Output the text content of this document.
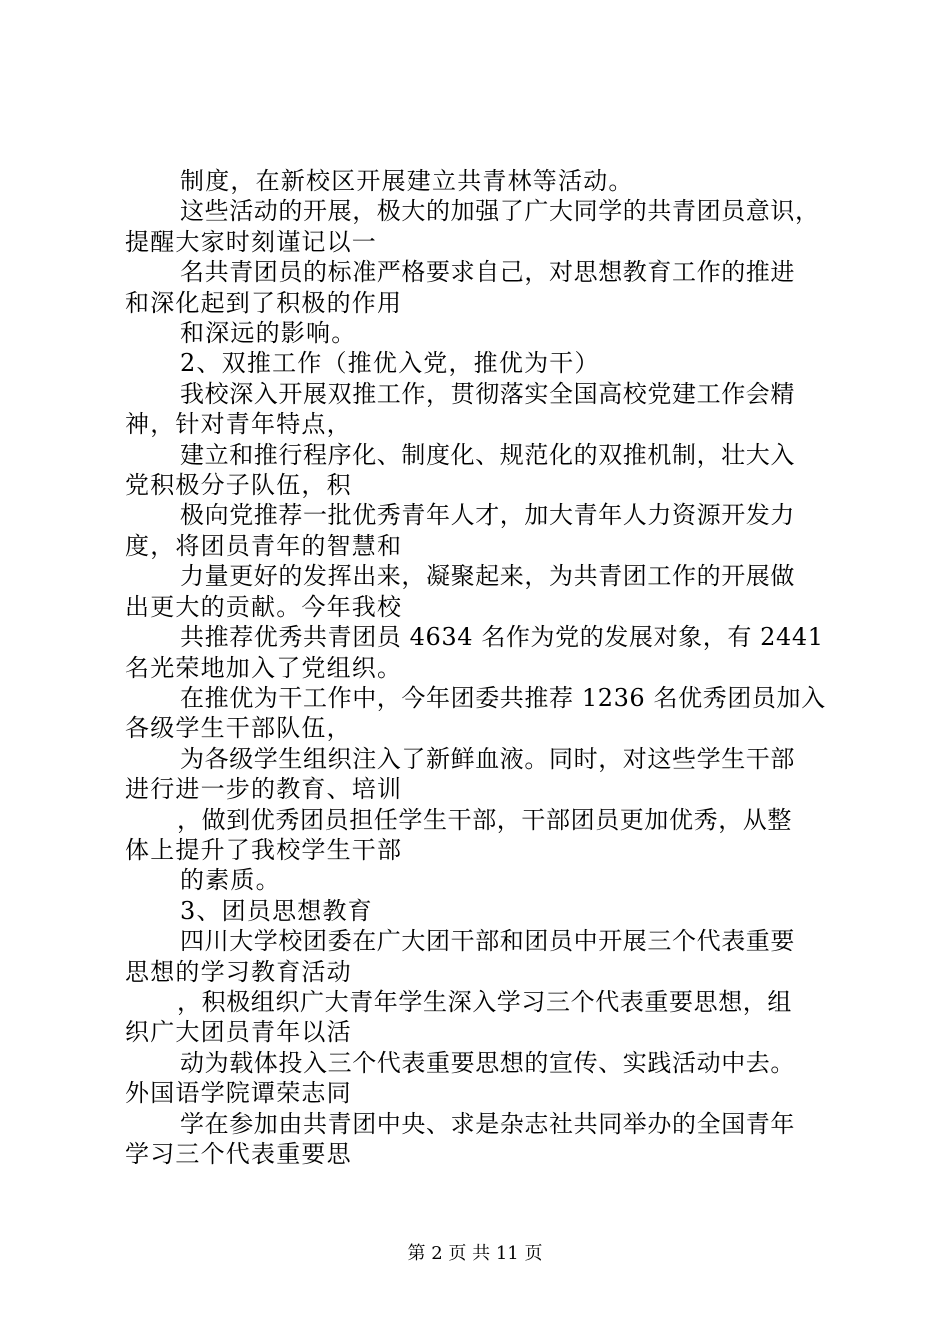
制度，在新校区开展建立共青林等活动。
这些活动的开展，极大的加强了广大同学的共青团员意识，
提醒大家时刻谨记以一
名共青团员的标准严格要求自己，对思想教育工作的推进
和深化起到了积极的作用
和深远的影响。
2、双推工作（推优入党，推优为干）
我校深入开展双推工作，贯彻落实全国高校党建工作会精
神，针对青年特点，
建立和推行程序化、制度化、规范化的双推机制，壮大入
党积极分子队伍，积
极向党推荐一批优秀青年人才，加大青年人力资源开发力
度，将团员青年的智慧和
力量更好的发挥出来，凝聚起来，为共青团工作的开展做
出更大的贡献。今年我校
共推荐优秀共青团员 4634 名作为党的发展对象，有 2441
名光荣地加入了党组织。
在推优为干工作中，今年团委共推荐 1236 名优秀团员加入
各级学生干部队伍，
为各级学生组织注入了新鲜血液。同时，对这些学生干部
进行进一步的教育、培训
，做到优秀团员担任学生干部，干部团员更加优秀，从整
体上提升了我校学生干部
的素质。
3、团员思想教育
四川大学校团委在广大团干部和团员中开展三个代表重要
思想的学习教育活动
，积极组织广大青年学生深入学习三个代表重要思想，组
织广大团员青年以活
动为载体投入三个代表重要思想的宣传、实践活动中去。
外国语学院谭荣志同
学在参加由共青团中央、求是杂志社共同举办的全国青年
学习三个代表重要思
第 2 页 共 11 页
